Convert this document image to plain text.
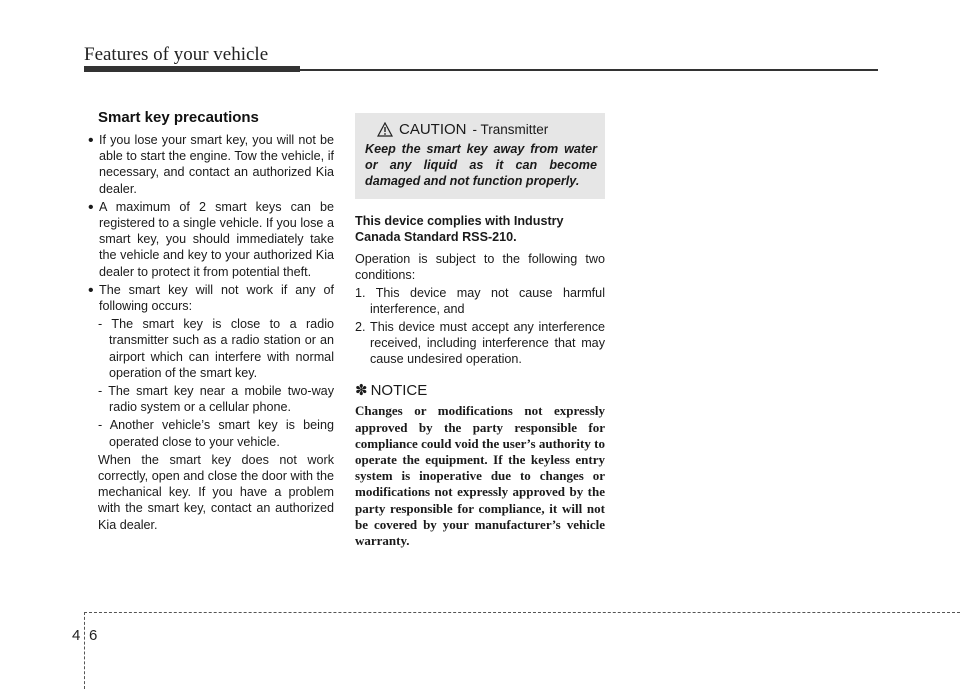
Features of your vehicle
Smart key precautions
• If you lose your smart key, you will not be able to start the engine. Tow the vehicle, if necessary, and contact an authorized Kia dealer.

• A maximum of 2 smart keys can be registered to a single vehicle. If you lose a smart key, you should immediately take the vehicle and key to your authorized Kia dealer to protect it from potential theft.

• The smart key will not work if any of following occurs:

- The smart key is close to a radio transmitter such as a radio station or an airport which can interfere with normal operation of the smart key.

- The smart key near a mobile two-way radio system or a cellular phone.

- Another vehicle’s smart key is being operated close to your vehicle.

When the smart key does not work correctly, open and close the door with the mechanical key. If you have a problem with the smart key, contact an authorized Kia dealer.

CAUTION - Transmitter
Keep the smart key away from water or any liquid as it can become damaged and not function properly.

This device complies with Industry Canada Standard RSS-210.

Operation is subject to the following two conditions:

1. This device may not cause harmful interference, and

2. This device must accept any interference received, including interference that may cause undesired operation.

✽ NOTICE
Changes or modifications not expressly approved by the party responsible for compliance could void the user’s authority to operate the equipment. If the keyless entry system is inoperative due to changes or modifications not expressly approved by the party responsible for compliance, it will not be covered by your manufacturer’s vehicle warranty.
4 6
